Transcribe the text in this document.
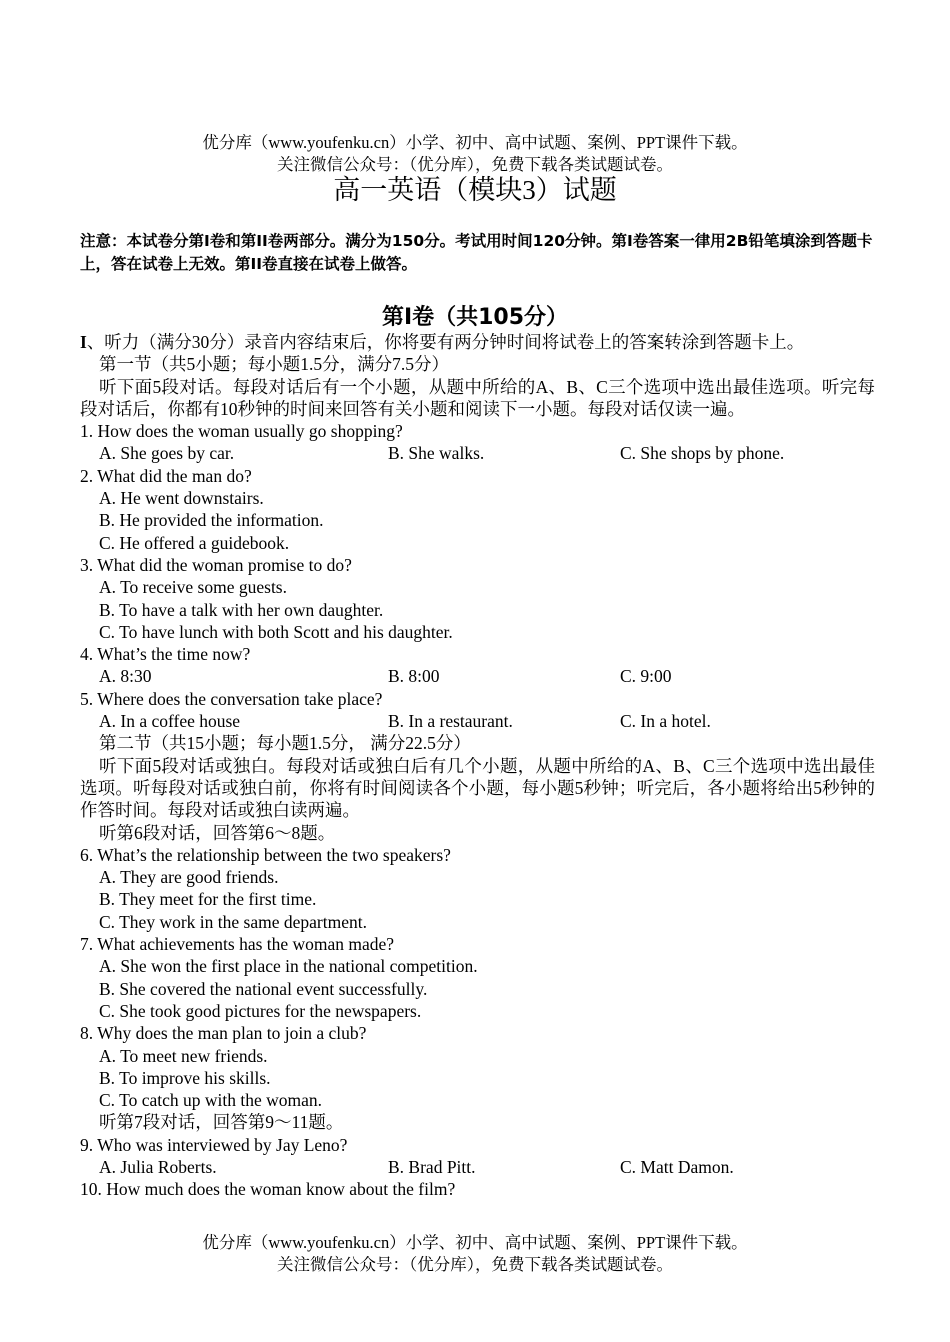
优分库（www.youfenku.cn）小学、初中、高中试题、案例、PPT课件下载。
关注微信公众号：（优分库），免费下载各类试题试卷。
高一英语（模块3）试题
注意：本试卷分第Ⅰ卷和第ⅠⅠ卷两部分。满分为150分。考试用时间120分钟。第Ⅰ卷答案一律用2B铅笔填涂到答题卡上，答在试卷上无效。第ⅠⅠ卷直接在试卷上做答。
第Ⅰ卷（共105分）
I、听力（满分30分）录音内容结束后，你将要有两分钟时间将试卷上的答案转涂到答题卡上。
第一节（共5小题；每小题1.5分，满分7.5分）
听下面5段对话。每段对话后有一个小题，从题中所给的A、B、C三个选项中选出最佳选项。听完每段对话后，你都有10秒钟的时间来回答有关小题和阅读下一小题。每段对话仅读一遍。
1. How does the woman usually go shopping?
A. She goes by car.	B. She walks.	C. She shops by phone.
2. What did the man do?
A. He went downstairs.
B. He provided the information.
C. He offered a guidebook.
3. What did the woman promise to do?
A. To receive some guests.
B. To have a talk with her own daughter.
C. To have lunch with both Scott and his daughter.
4. What’s the time now?
A. 8:30	B. 8:00	C. 9:00
5. Where does the conversation take place?
A. In a coffee house	B. In a restaurant.	C. In a hotel.
第二节（共15小题；每小题1.5分， 满分22.5分）
听下面5段对话或独白。每段对话或独白后有几个小题，从题中所给的A、B、C三个选项中选出最佳选项。听每段对话或独白前，你将有时间阅读各个小题，每小题5秒钟；听完后，各小题将给出5秒钟的作答时间。每段对话或独白读两遍。
听第6段对话，回答第6～8题。
6. What’s the relationship between the two speakers?
A. They are good friends.
B. They meet for the first time.
C. They work in the same department.
7. What achievements has the woman made?
A. She won the first place in the national competition.
B. She covered the national event successfully.
C. She took good pictures for the newspapers.
8. Why does the man plan to join a club?
A. To meet new friends.
B. To improve his skills.
C. To catch up with the woman.
听第7段对话，回答第9～11题。
9. Who was interviewed by Jay Leno?
A. Julia Roberts.	B. Brad Pitt.	C. Matt Damon.
10. How much does the woman know about the film?
优分库（www.youfenku.cn）小学、初中、高中试题、案例、PPT课件下载。
关注微信公众号：（优分库），免费下载各类试题试卷。
